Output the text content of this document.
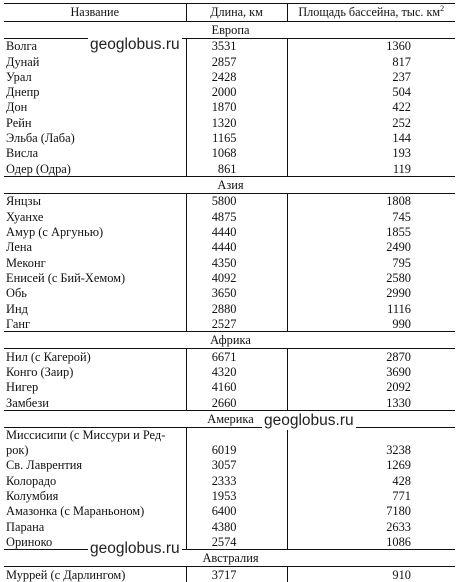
Название	Длина, км	Площадь бассейна, тыс. $км^2$
Европа		
Волга	3531	1360
Дунай	2857	817
Урал	2428	237
Днепр	2000	504
Дон	1870	422
Рейн	1320	252
Эльба (Лаба)	1165	144
Висла	1068	193
Одер (Одра)	861	119
Азия		
Янцзы	5800	1808
Хуанхе	4875	745
Амур (с Аргунью)	4440	1855
Лена	4440	2490
Меконг	4350	795
Енисей (с Бий-Хемом)	4092	2580
Обь	3650	2990
Инд	2880	1116
Ганг	2527	990
Африка		
Нил (с Кагерой)	6671	2870
Конго (Заир)	4320	3690
Нигер	4160	2092
Замбези	2660	1330
Америка		
Миссисипи (с Миссури и Ред-рок)	6019	3238
Св. Лаврентия	3057	1269
Колорадо	2333	428
Колумбия	1953	771
Амазонка (с Мараньоном)	6400	7180
Парана	4380	2633
Ориноко	2574	1086
Австралия		
Муррей (с Дарлингом)	3717	910
geoglobus.ru
geoglobus.ru
geoglobus.ru
